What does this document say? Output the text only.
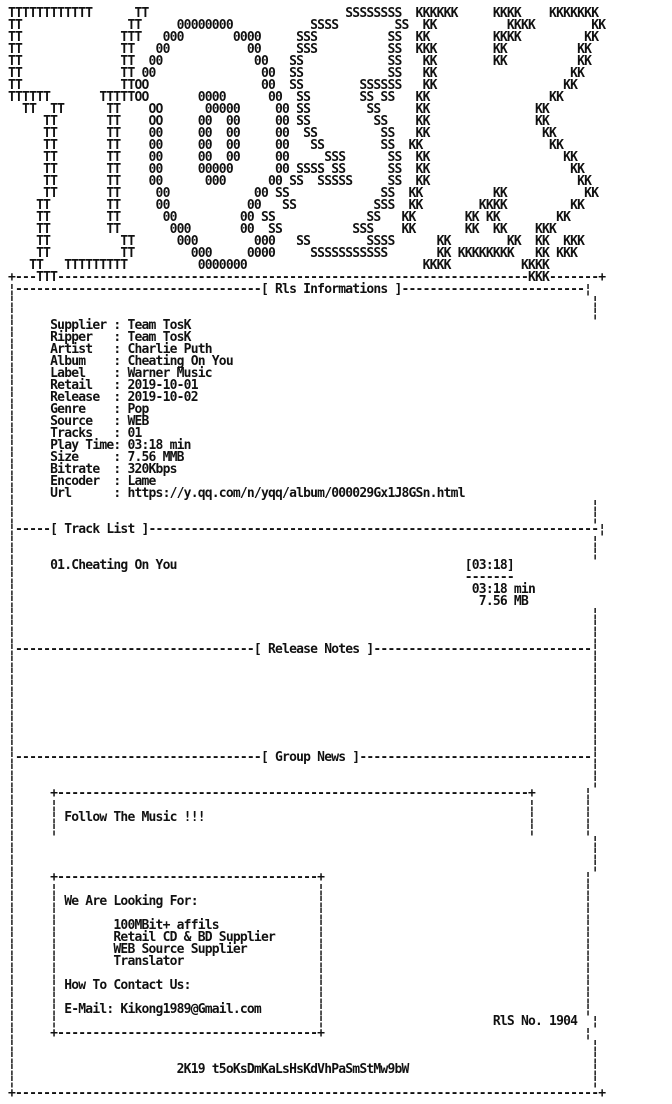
TTTTTTTTTTTT      TT                            SSSSSSSS  KKKKKK     KKKK    KKKKKKK
TT               TT     00000000           SSSS        SS  KK          KKKK        KK
TT              TTT   000       0000     SSS          SS  KK         KKKK         KK
TT              TT   00           00     SSS          SS  KKK        KK          KK
TT              TT  00             00   SS            SS   KK        KK          KK
TT              TT 00               00  SS            SS   KK                   KK
TT              TTOO                00  SS        SSSSSS   KK                  KK
TTTTTT       TTTTTOO       0000      00  SS       SS SS   KK                 KK
TT  TT      TT    OO      00000     00 SS        SS     KK               KK
TT       TT    OO     00  00     00 SS         SS    KK               KK
TT       TT    00     00  00     00  SS         SS   KK                KK
TT       TT    00     00  00     00   SS        SS  KK                  KK
TT       TT    00     00  00     00     SSS      SS  KK                   KK
TT       TT    00     00000      00 SSSS SS      SS  KK                    KK
TT       TT    00      000      00 SS  SSSSS     SS  KK                     KK
TT       TT     00            00 SS             SS  KK          KK           KK
TT        TT     00           00   SS           SSS  KK        KKKK         KK
TT        TT      00         00 SS             SS   KK       KK KK        KK
TT        TT       000       00  SS          SSS    KK       KK  KK    KKK
TT          TT      000        000   SS        SSSS      KK        KK  KK  KKK
TT          TT        000     0000     SSSSSSSSSSS       KK KKKKKKKK   KK KKK
TT   TTTTTTTTT          0000000                         KKKK          KKKK
+---TTT-------------------------------------------------------------------KKK-------+
¦-----------------------------------[ Rls Informations ]--------------------------¦
¦                                                                                  ¦
¦                                                                                  ¦
¦     Supplier : Team TosK
¦     Ripper   : Team TosK
¦     Artist   : Charlie Puth
¦     Album    : Cheating On You
¦     Label    : Warner Music
¦     Retail   : 2019-10-01
¦     Release  : 2019-10-02
¦     Genre    : Pop
¦     Source   : WEB
¦     Tracks   : 01
¦     Play Time: 03:18 min
¦     Size     : 7.56 MMB
¦     Bitrate  : 320Kbps
¦     Encoder  : Lame
¦     Url      : https://y.qq.com/n/yqq/album/000029Gx1J8GSn.html
¦                                                                                  ¦
¦                                                                                  ¦
¦-----[ Track List ]----------------------------------------------------------------¦
¦                                                                                  ¦
¦                                                                                  ¦
¦     01.Cheating On You                                         [03:18]
¦                                                                -------
¦                                                                 03:18 min
¦                                                                  7.56 MB
¦                                                                                  ¦
¦                                                                                  ¦
¦                                                                                  ¦
¦----------------------------------[ Release Notes ]-------------------------------¦
¦                                                                                  ¦
¦                                                                                  ¦
¦                                                                                  ¦
¦                                                                                  ¦
¦                                                                                  ¦
¦                                                                                  ¦
¦                                                                                  ¦
¦                                                                                  ¦
¦-----------------------------------[ Group News ]---------------------------------¦
¦                                                                                  ¦
¦                                                                                  ¦
¦     +-------------------------------------------------------------------+       ¦
¦     ¦                                                                   ¦       ¦
¦     ¦ Follow The Music !!!                                              ¦       ¦
¦     ¦                                                                   ¦       ¦
¦                                                                                  ¦
¦                                                                                  ¦
¦                                                                                  ¦
¦     +-------------------------------------+                                     ¦
¦     ¦                                     ¦                                     ¦
¦     ¦ We Are Looking For:                 ¦                                     ¦
¦     ¦                                     ¦                                     ¦
¦     ¦        100MBit+ affils              ¦                                     ¦
¦     ¦        Retail CD & BD Supplier      ¦                                     ¦
¦     ¦        WEB Source Supplier          ¦                                     ¦
¦     ¦        Translator                   ¦                                     ¦
¦     ¦                                     ¦                                     ¦
¦     ¦ How To Contact Us:                  ¦                                     ¦
¦     ¦                                     ¦                                     ¦
¦     ¦ E-Mail: Kikong1989@Gmail.com        ¦                                     ¦
¦     ¦                                     ¦                        RlS No. 1904  ¦
¦     +-------------------------------------+                                     ¦
¦                                                                                  ¦
¦                                                                                  ¦
¦                       2K19 t5oKsDmKaLsHsKdVhPaSmStMw9bW                          ¦
¦                                                                                  ¦
+-----------------------------------------------------------------------------------+
